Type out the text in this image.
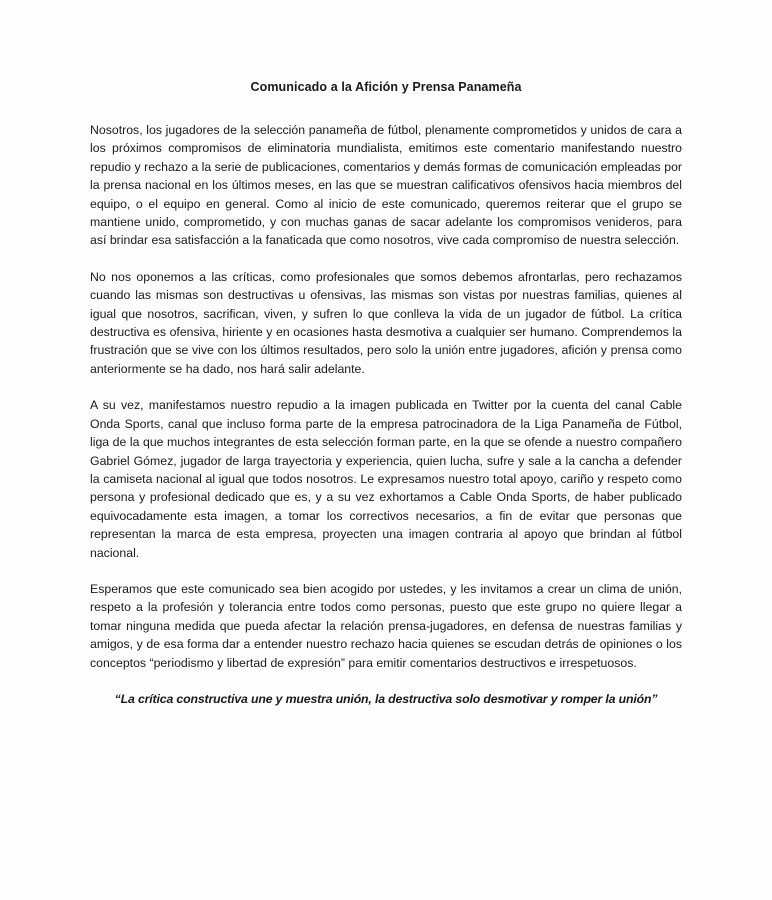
Comunicado a la Afición y Prensa Panameña

Nosotros, los jugadores de la selección panameña de fútbol, plenamente comprometidos y unidos de cara a los próximos compromisos de eliminatoria mundialista, emitimos este comentario manifestando nuestro repudio y rechazo a la serie de publicaciones, comentarios y demás formas de comunicación empleadas por la prensa nacional en los últimos meses, en las que se muestran calificativos ofensivos hacia miembros del equipo, o el equipo en general. Como al inicio de este comunicado, queremos reiterar que el grupo se mantiene unido, comprometido, y con muchas ganas de sacar adelante los compromisos venideros, para así brindar esa satisfacción a la fanaticada que como nosotros, vive cada compromiso de nuestra selección.

No nos oponemos a las críticas, como profesionales que somos debemos afrontarlas, pero rechazamos cuando las mismas son destructivas u ofensivas, las mismas son vistas por nuestras familias, quienes al igual que nosotros, sacrifican, viven, y sufren lo que conlleva la vida de un jugador de fútbol. La crítica destructiva es ofensiva, hiriente y en ocasiones hasta desmotiva a cualquier ser humano. Comprendemos la frustración que se vive con los últimos resultados, pero solo la unión entre jugadores, afición y prensa como anteriormente se ha dado, nos hará salir adelante.

A su vez, manifestamos nuestro repudio a la imagen publicada en Twitter por la cuenta del canal Cable Onda Sports, canal que incluso forma parte de la empresa patrocinadora de la Liga Panameña de Fútbol, liga de la que muchos integrantes de esta selección forman parte, en la que se ofende a nuestro compañero Gabriel Gómez, jugador de larga trayectoria y experiencia, quien lucha, sufre y sale a la cancha a defender la camiseta nacional al igual que todos nosotros. Le expresamos nuestro total apoyo, cariño y respeto como persona y profesional dedicado que es, y a su vez exhortamos a Cable Onda Sports, de haber publicado equivocadamente esta imagen, a tomar los correctivos necesarios, a fin de evitar que personas que representan la marca de esta empresa, proyecten una imagen contraria al apoyo que brindan al fútbol nacional.

Esperamos que este comunicado sea bien acogido por ustedes, y les invitamos a crear un clima de unión, respeto a la profesión y tolerancia entre todos como personas, puesto que este grupo no quiere llegar a tomar ninguna medida que pueda afectar la relación prensa-jugadores, en defensa de nuestras familias y amigos, y de esa forma dar a entender nuestro rechazo hacia quienes se escudan detrás de opiniones o los conceptos “periodismo y libertad de expresión” para emitir comentarios destructivos e irrespetuosos.

“La crítica constructiva une y muestra unión, la destructiva solo desmotivar y romper la unión”
